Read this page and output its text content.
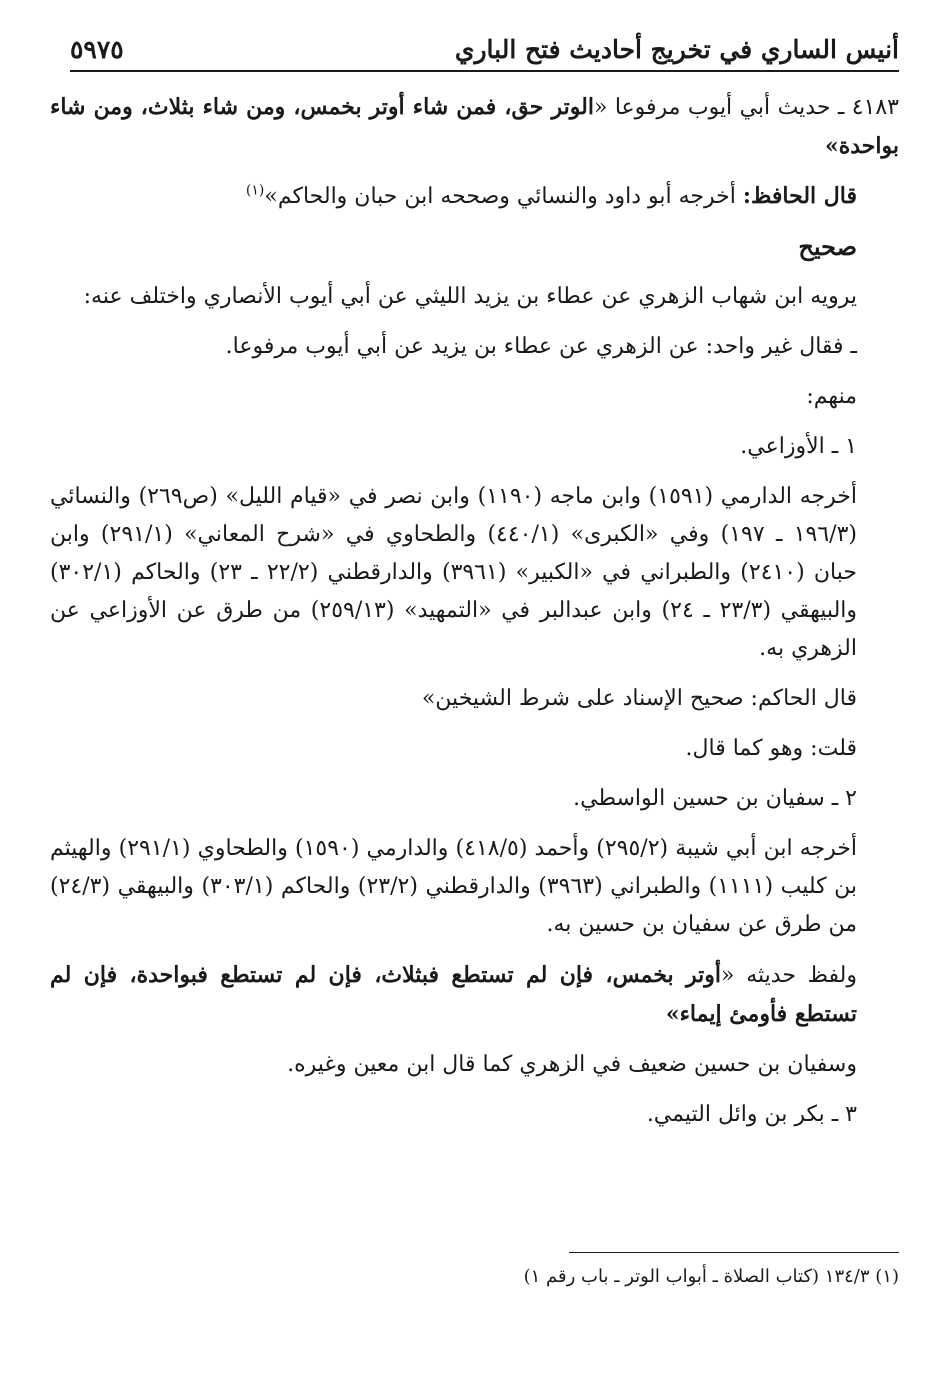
أنيس الساري في تخريج أحاديث فتح الباري
٥٩٧٥

٤١٨٣ ـ حديث أبي أيوب مرفوعا «الوتر حق، فمن شاء أوتر بخمس، ومن شاء بثلاث، ومن شاء بواحدة»

قال الحافظ: أخرجه أبو داود والنسائي وصححه ابن حبان والحاكم»$^{(١)}$

صحيح

يرويه ابن شهاب الزهري عن عطاء بن يزيد الليثي عن أبي أيوب الأنصاري واختلف عنه:

ـ فقال غير واحد: عن الزهري عن عطاء بن يزيد عن أبي أيوب مرفوعا.

منهم:

١ ـ الأوزاعي.

أخرجه الدارمي (١٥٩١) وابن ماجه (١١٩٠) وابن نصر في «قيام الليل» (ص٢٦٩) والنسائي (١٩٦/٣ ـ ١٩٧) وفي «الكبرى» (٤٤٠/١) والطحاوي في «شرح المعاني» (٢٩١/١) وابن حبان (٢٤١٠) والطبراني في «الكبير» (٣٩٦١) والدارقطني (٢٢/٢ ـ ٢٣) والحاكم (٣٠٢/١) والبيهقي (٢٣/٣ ـ ٢٤) وابن عبدالبر في «التمهيد» (٢٥٩/١٣) من طرق عن الأوزاعي عن الزهري به.

قال الحاكم: صحيح الإسناد على شرط الشيخين»

قلت: وهو كما قال.

٢ ـ سفيان بن حسين الواسطي.

أخرجه ابن أبي شيبة (٢٩٥/٢) وأحمد (٤١٨/٥) والدارمي (١٥٩٠) والطحاوي (٢٩١/١) والهيثم بن كليب (١١١١) والطبراني (٣٩٦٣) والدارقطني (٢٣/٢) والحاكم (٣٠٣/١) والبيهقي (٢٤/٣) من طرق عن سفيان بن حسين به.

ولفظ حديثه «أوتر بخمس، فإن لم تستطع فبثلاث، فإن لم تستطع فبواحدة، فإن لم تستطع فأومئ إيماء»

وسفيان بن حسين ضعيف في الزهري كما قال ابن معين وغيره.

٣ ـ بكر بن وائل التيمي.

(١) ١٣٤/٣ (كتاب الصلاة ـ أبواب الوتر ـ باب رقم ١)
